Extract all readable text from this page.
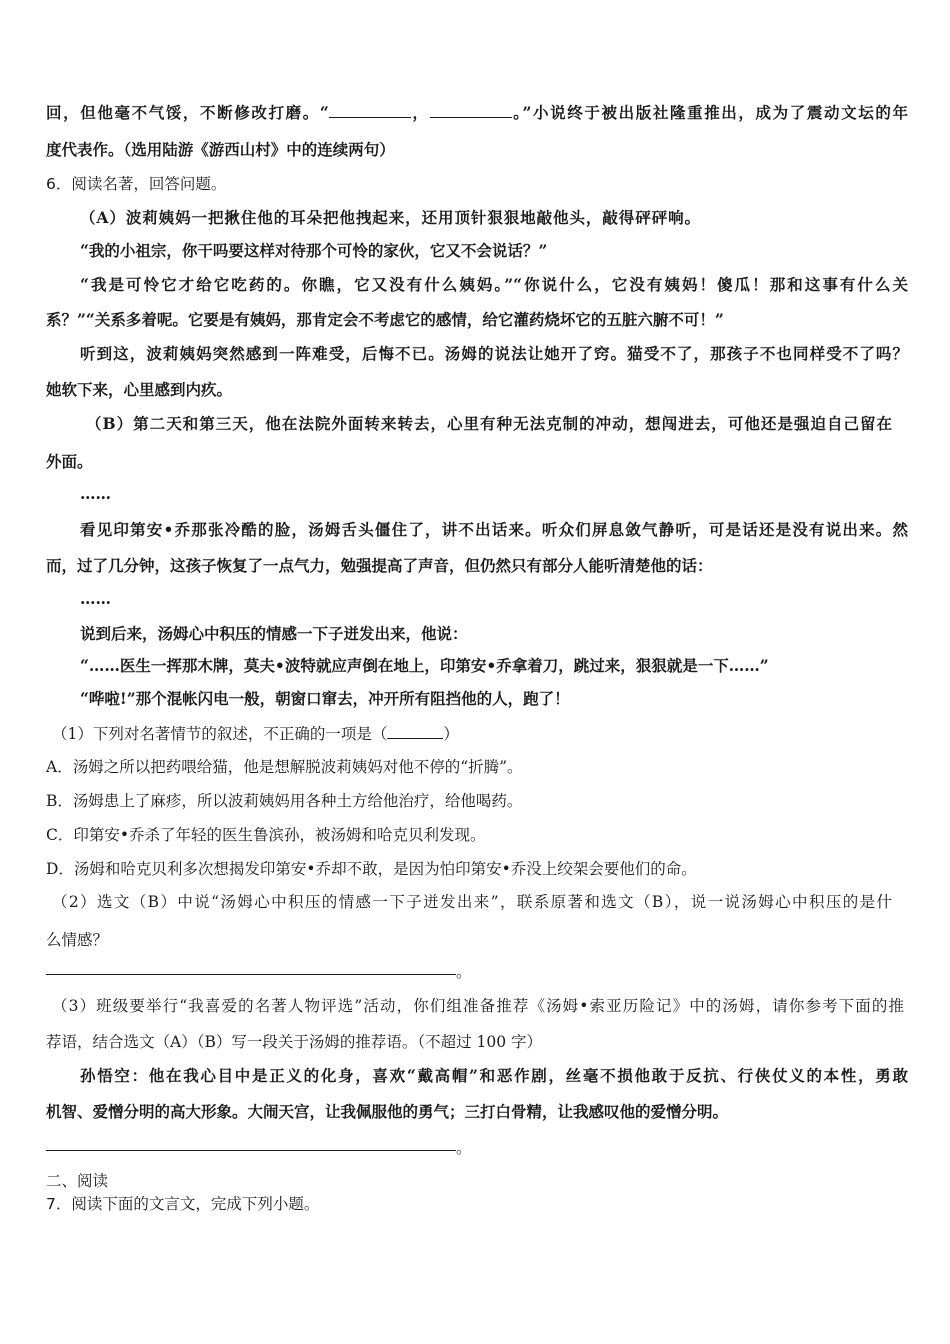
回，但他毫不气馁，不断修改打磨。“	，	。”小说终于被出版社隆重推出，成为了震动文坛的年
度代表作。（选用陆游《游西山村》中的连续两句）
6．阅读名著，回答问题。
（A）波莉姨妈一把揪住他的耳朵把他拽起来，还用顶针狠狠地敲他头，敲得砰砰响。
“我的小祖宗，你干吗要这样对待那个可怜的家伙，它又不会说话？”
“我是可怜它才给它吃药的。你瞧，它又没有什么姨妈。”“你说什么，它没有姨妈！傻瓜！那和这事有什么关
系？”“关系多着呢。它要是有姨妈，那肯定会不考虑它的感情，给它灌药烧坏它的五脏六腑不可！”
听到这，波莉姨妈突然感到一阵难受，后悔不已。汤姆的说法让她开了窍。猫受不了，那孩子不也同样受不了吗？
她软下来，心里感到内疚。
（B）第二天和第三天，他在法院外面转来转去，心里有种无法克制的冲动，想闯进去，可他还是强迫自己留在
外面。
……
看见印第安•乔那张冷酷的脸，汤姆舌头僵住了，讲不出话来。听众们屏息敛气静听，可是话还是没有说出来。然
而，过了几分钟，这孩子恢复了一点气力，勉强提高了声音，但仍然只有部分人能听清楚他的话：
……
说到后来，汤姆心中积压的情感一下子迸发出来，他说：
“……医生一挥那木牌，莫夫•波特就应声倒在地上，印第安•乔拿着刀，跳过来，狠狠就是一下……”
“哗啦!”那个混帐闪电一般，朝窗口窜去，冲开所有阻挡他的人，跑了！
（1）下列对名著情节的叙述，不正确的一项是（	）
A．汤姆之所以把药喂给猫，他是想解脱波莉姨妈对他不停的“折腾”。
B．汤姆患上了麻疹，所以波莉姨妈用各种土方给他治疗，给他喝药。
C．印第安•乔杀了年轻的医生鲁滨孙，被汤姆和哈克贝利发现。
D．汤姆和哈克贝利多次想揭发印第安•乔却不敢，是因为怕印第安•乔没上绞架会要他们的命。
（2）选文（B）中说“汤姆心中积压的情感一下子迸发出来”，联系原著和选文（B），说一说汤姆心中积压的是什
么情感？
。
（3）班级要举行“我喜爱的名著人物评选”活动，你们组准备推荐《汤姆•索亚历险记》中的汤姆，请你参考下面的推
荐语，结合选文（A）（B）写一段关于汤姆的推荐语。（不超过 100 字）
孙悟空：他在我心目中是正义的化身，喜欢“戴高帽”和恶作剧，丝毫不损他敢于反抗、行侠仗义的本性，勇敢
机智、爱憎分明的高大形象。大闹天宫，让我佩服他的勇气；三打白骨精，让我感叹他的爱憎分明。
。
二、阅读
7．阅读下面的文言文，完成下列小题。
